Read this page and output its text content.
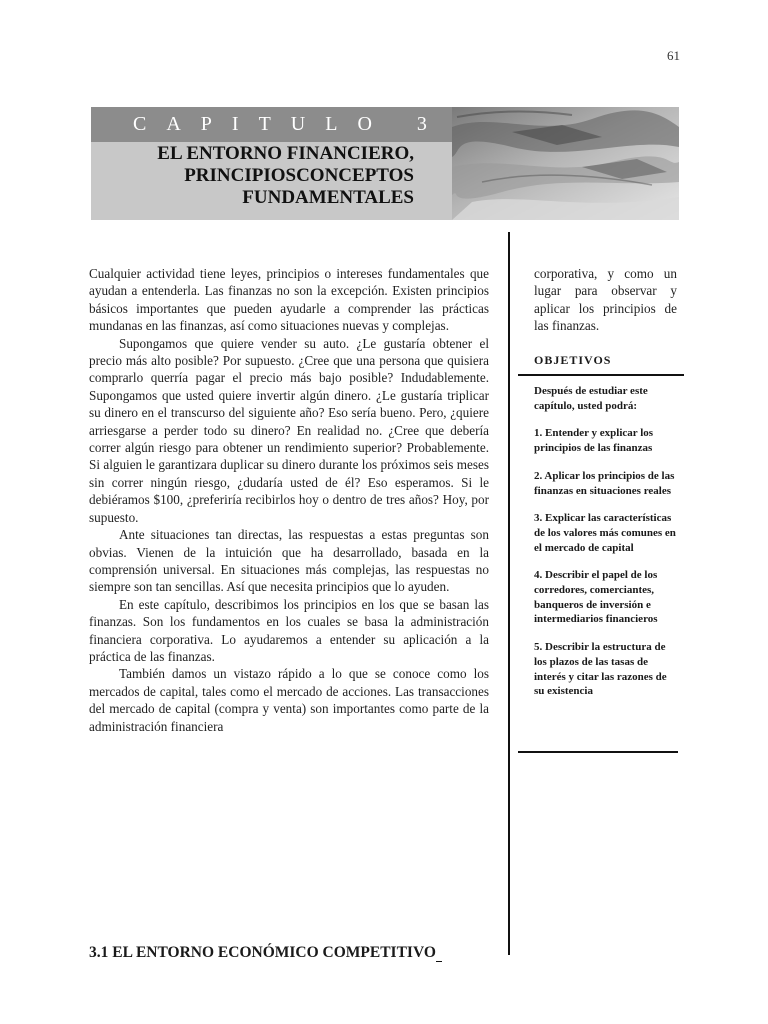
61
CAPITULO 3
EL ENTORNO FINANCIERO,
PRINCIPIOSCONCEPTOS
FUNDAMENTALES

Cualquier actividad tiene leyes, principios o intereses fundamentales que ayudan a entenderla. Las finanzas no son la excepción. Existen principios básicos importantes que pueden ayudarle a comprender las prácticas mundanas en las finanzas, así como situaciones nuevas y complejas.

Supongamos que quiere vender su auto. ¿Le gustaría obtener el precio más alto posible? Por supuesto. ¿Cree que una persona que quisiera comprarlo querría pagar el precio más bajo posible? Indudablemente. Supongamos que usted quiere invertir algún dinero. ¿Le gustaría triplicar su dinero en el transcurso del siguiente año? Eso sería bueno. Pero, ¿quiere arriesgarse a perder todo su dinero? En realidad no. ¿Cree que debería correr algún riesgo para obtener un rendimiento superior? Probablemente. Si alguien le garantizara duplicar su dinero durante los próximos seis meses sin correr ningún riesgo, ¿dudaría usted de él? Eso esperamos. Si le debiéramos $100, ¿preferiría recibirlos hoy o dentro de tres años? Hoy, por supuesto.

Ante situaciones tan directas, las respuestas a estas preguntas son obvias. Vienen de la intuición que ha desarrollado, basada en la comprensión universal. En situaciones más complejas, las respuestas no siempre son tan sencillas. Así que necesita principios que lo ayuden.

En este capítulo, describimos los principios en los que se basan las finanzas. Son los fundamentos en los cuales se basa la administración financiera corporativa. Lo ayudaremos a entender su aplicación a la práctica de las finanzas.

También damos un vistazo rápido a lo que se conoce como los mercados de capital, tales como el mercado de acciones. Las transacciones del mercado de capital (compra y venta) son importantes como parte de la administración financiera

3.1 EL ENTORNO ECONÓMICO COMPETITIVO
corporativa, y como un lugar para observar y aplicar los principios de las finanzas.
OBJETIVOS

Después de estudiar este capítulo, usted podrá:

1. Entender y explicar los principios de las finanzas

2. Aplicar los principios de las finanzas en situaciones reales

3. Explicar las características de los valores más comunes en el mercado de capital

4. Describir el papel de los corredores, comerciantes, banqueros de inversión e intermediarios financieros

5. Describir la estructura de los plazos de las tasas de interés y citar las razones de su existencia
